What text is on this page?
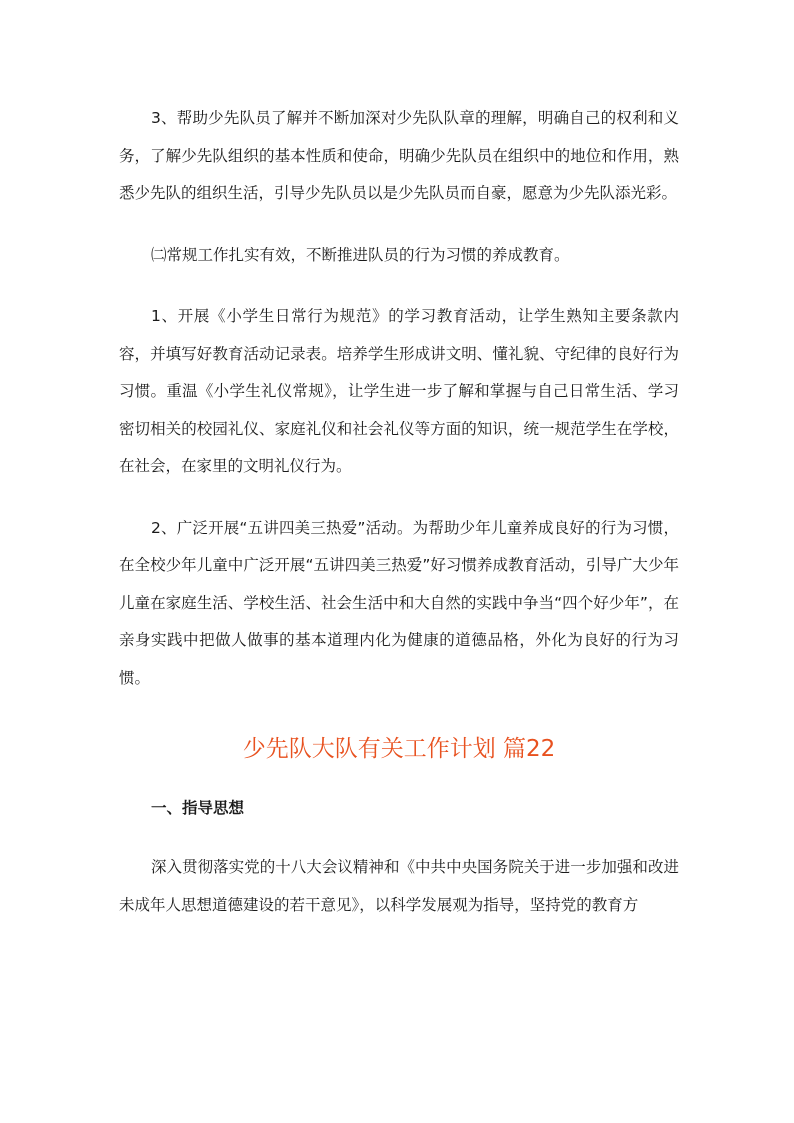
3、帮助少先队员了解并不断加深对少先队队章的理解，明确自己的权利和义务，了解少先队组织的基本性质和使命，明确少先队员在组织中的地位和作用，熟悉少先队的组织生活，引导少先队员以是少先队员而自豪，愿意为少先队添光彩。

㈡常规工作扎实有效，不断推进队员的行为习惯的养成教育。

1、开展《小学生日常行为规范》的学习教育活动，让学生熟知主要条款内容，并填写好教育活动记录表。培养学生形成讲文明、懂礼貌、守纪律的良好行为习惯。重温《小学生礼仪常规》，让学生进一步了解和掌握与自己日常生活、学习密切相关的校园礼仪、家庭礼仪和社会礼仪等方面的知识，统一规范学生在学校，在社会，在家里的文明礼仪行为。

2、广泛开展“五讲四美三热爱”活动。为帮助少年儿童养成良好的行为习惯，在全校少年儿童中广泛开展“五讲四美三热爱”好习惯养成教育活动，引导广大少年儿童在家庭生活、学校生活、社会生活中和大自然的实践中争当“四个好少年”，在亲身实践中把做人做事的基本道理内化为健康的道德品格，外化为良好的行为习惯。

少先队大队有关工作计划 篇22

一、指导思想

深入贯彻落实党的十八大会议精神和《中共中央国务院关于进一步加强和改进未成年人思想道德建设的若干意见》，以科学发展观为指导，坚持党的教育方
